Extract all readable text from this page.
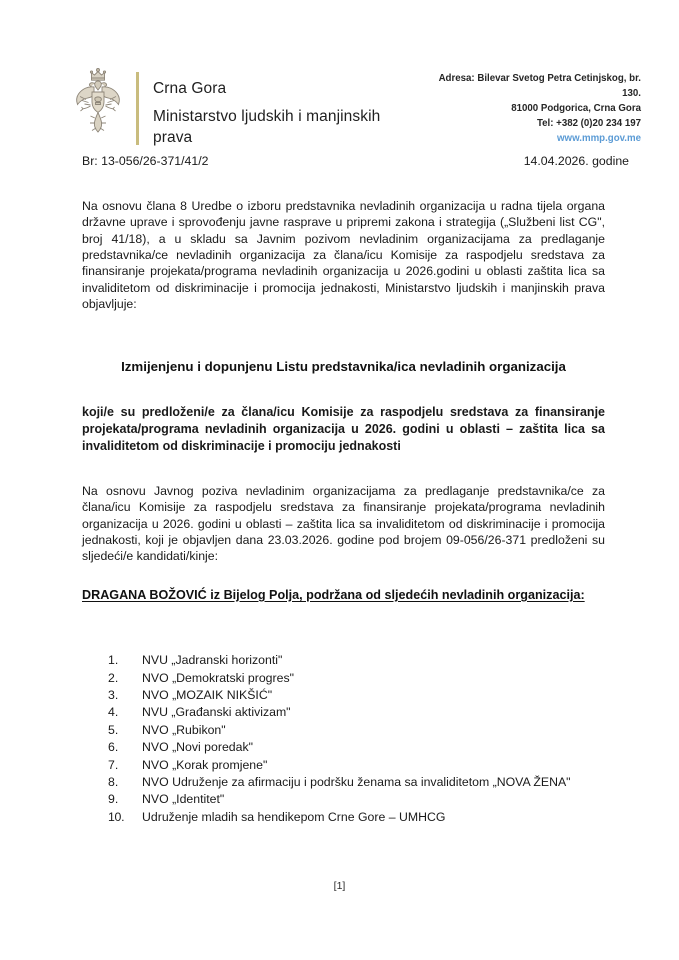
Crna Gora
Ministarstvo ljudskih i manjinskih prava
Adresa: Bilevar Svetog Petra Cetinjskog, br. 130.
81000 Podgorica, Crna Gora
Tel: +382 (0)20 234 197
www.mmp.gov.me
Br: 13-056/26-371/41/2	14.04.2026. godine

Na osnovu člana 8 Uredbe o izboru predstavnika nevladinih organizacija u radna tijela organa državne uprave i sprovođenju javne rasprave u pripremi zakona i strategija („Službeni list CG", broj 41/18), a u skladu sa Javnim pozivom nevladinim organizacijama za predlaganje predstavnika/ce nevladinih organizacija za člana/icu Komisije za raspodjelu sredstava za finansiranje projekata/programa nevladinih organizacija u 2026.godini u oblasti zaštita lica sa invaliditetom od diskriminacije i promocija jednakosti, Ministarstvo ljudskih i manjinskih prava objavljuje:

Izmijenjenu i dopunjenu Listu predstavnika/ica nevladinih organizacija

koji/e su predloženi/e za člana/icu Komisije za raspodjelu sredstava za finansiranje projekata/programa nevladinih organizacija u 2026. godini u oblasti – zaštita lica sa invaliditetom od diskriminacije i promociju jednakosti

Na osnovu Javnog poziva nevladinim organizacijama za predlaganje predstavnika/ce za člana/icu Komisije za raspodjelu sredstava za finansiranje projekata/programa nevladinih organizacija u 2026. godini u oblasti – zaštita lica sa invaliditetom od diskriminacije i promocija jednakosti, koji je objavljen dana 23.03.2026. godine pod brojem 09-056/26-371 predloženi su sljedeći/e kandidati/kinje:

DRAGANA BOŽOVIĆ iz Bijelog Polja, podržana od sljedećih nevladinih organizacija:

NVU „Jadranski horizonti"
NVO „Demokratski progres"
NVO „MOZAIK NIKŠIĆ"
NVU „Građanski aktivizam"
NVO „Rubikon"
NVO „Novi poredak"
NVO „Korak promjene"
NVO Udruženje za afirmaciju i podršku ženama sa invaliditetom „NOVA ŽENA"
NVO „Identitet"
Udruženje mladih sa hendikepom Crne Gore – UMHCG
[1]
